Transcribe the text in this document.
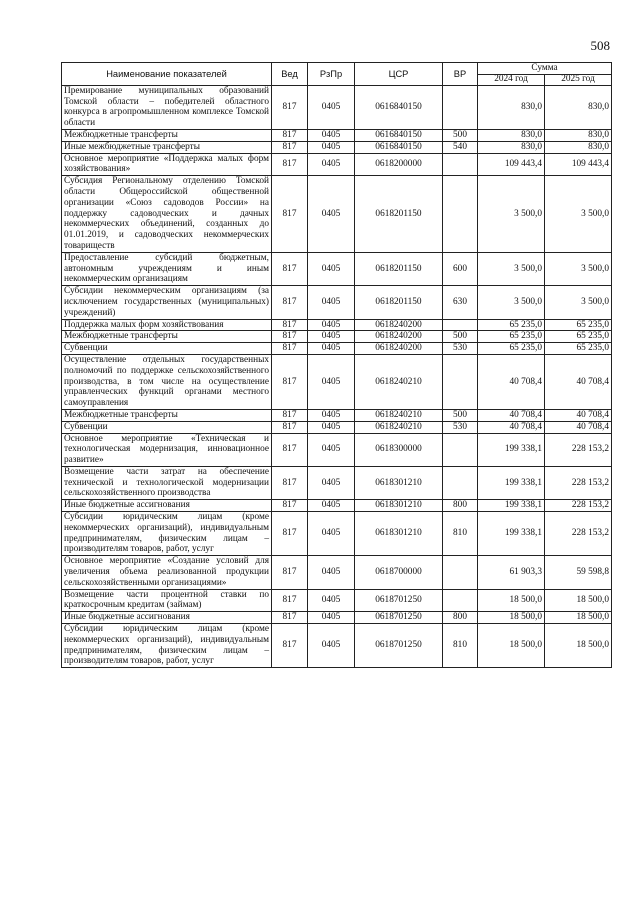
508
Наименование показателей	Вед	РзПр	ЦСР	ВР	Сумма	
					2024 год	2025 год
Премирование муниципальных образований Томской области – победителей областного конкурса в агропромышленном комплексе Томской области	817	0405	0616840150		830,0	830,0
Межбюджетные трансферты	817	0405	0616840150	500	830,0	830,0
Иные межбюджетные трансферты	817	0405	0616840150	540	830,0	830,0
Основное мероприятие «Поддержка малых форм хозяйствования»	817	0405	0618200000		109 443,4	109 443,4
Субсидия Региональному отделению Томской области Общероссийской общественной организации «Союз садоводов России» на поддержку садоводческих и дачных некоммерческих объединений, созданных до 01.01.2019, и садоводческих некоммерческих товариществ	817	0405	0618201150		3 500,0	3 500,0
Предоставление субсидий бюджетным, автономным учреждениям и иным некоммерческим организациям	817	0405	0618201150	600	3 500,0	3 500,0
Субсидии некоммерческим организациям (за исключением государственных (муниципальных) учреждений)	817	0405	0618201150	630	3 500,0	3 500,0
Поддержка малых форм хозяйствования	817	0405	0618240200		65 235,0	65 235,0
Межбюджетные трансферты	817	0405	0618240200	500	65 235,0	65 235,0
Субвенции	817	0405	0618240200	530	65 235,0	65 235,0
Осуществление отдельных государственных полномочий по поддержке сельскохозяйственного производства, в том числе на осуществление управленческих функций органами местного самоуправления	817	0405	0618240210		40 708,4	40 708,4
Межбюджетные трансферты	817	0405	0618240210	500	40 708,4	40 708,4
Субвенции	817	0405	0618240210	530	40 708,4	40 708,4
Основное мероприятие «Техническая и технологическая модернизация, инновационное развитие»	817	0405	0618300000		199 338,1	228 153,2
Возмещение части затрат на обеспечение технической и технологической модернизации сельскохозяйственного производства	817	0405	0618301210		199 338,1	228 153,2
Иные бюджетные ассигнования	817	0405	0618301210	800	199 338,1	228 153,2
Субсидии юридическим лицам (кроме некоммерческих организаций), индивидуальным предпринимателям, физическим лицам – производителям товаров, работ, услуг	817	0405	0618301210	810	199 338,1	228 153,2
Основное мероприятие «Создание условий для увеличения объема реализованной продукции сельскохозяйственными организациями»	817	0405	0618700000		61 903,3	59 598,8
Возмещение части процентной ставки по краткосрочным кредитам (займам)	817	0405	0618701250		18 500,0	18 500,0
Иные бюджетные ассигнования	817	0405	0618701250	800	18 500,0	18 500,0
Субсидии юридическим лицам (кроме некоммерческих организаций), индивидуальным предпринимателям, физическим лицам – производителям товаров, работ, услуг	817	0405	0618701250	810	18 500,0	18 500,0
